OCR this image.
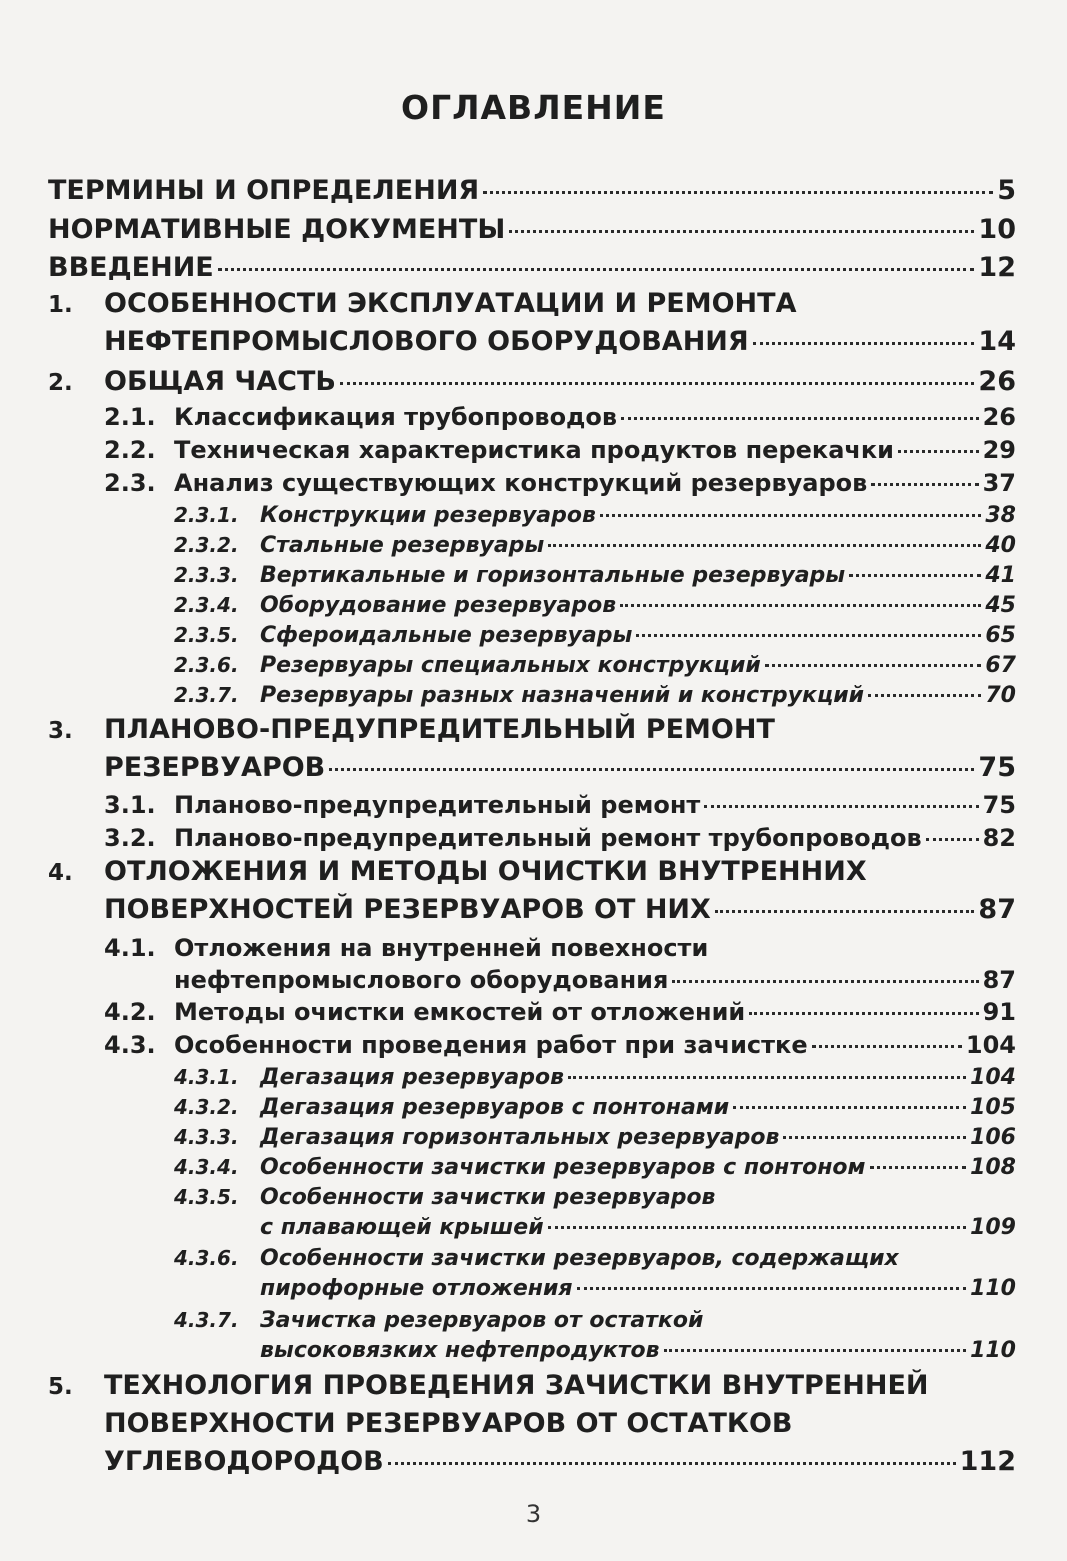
ОГЛАВЛЕНИЕ
ТЕРМИНЫ И ОПРЕДЕЛЕНИЯ	5
НОРМАТИВНЫЕ ДОКУМЕНТЫ	10
ВВЕДЕНИЕ	12
1.	ОСОБЕННОСТИ ЭКСПЛУАТАЦИИ И РЕМОНТА
НЕФТЕПРОМЫСЛОВОГО ОБОРУДОВАНИЯ	14
2.	ОБЩАЯ ЧАСТЬ	26
2.1. Классификация трубопроводов	26
2.2. Техническая характеристика продуктов перекачки	29
2.3. Анализ существующих конструкций резервуаров	37
2.3.1. Конструкции резервуаров	38
2.3.2. Стальные резервуары	40
2.3.3. Вертикальные и горизонтальные резервуары	41
2.3.4. Оборудование резервуаров	45
2.3.5. Сфероидальные резервуары	65
2.3.6. Резервуары специальных конструкций	67
2.3.7. Резервуары разных назначений и конструкций	70
3.	ПЛАНОВО-ПРЕДУПРЕДИТЕЛЬНЫЙ РЕМОНТ
РЕЗЕРВУАРОВ	75
3.1. Планово-предупредительный ремонт	75
3.2. Планово-предупредительный ремонт трубопроводов	82
4.	ОТЛОЖЕНИЯ И МЕТОДЫ ОЧИСТКИ ВНУТРЕННИХ
ПОВЕРХНОСТЕЙ РЕЗЕРВУАРОВ ОТ НИХ	87
4.1. Отложения на внутренней повехности
нефтепромыслового оборудования	87
4.2. Методы очистки емкостей от отложений	91
4.3. Особенности проведения работ при зачистке	104
4.3.1. Дегазация резервуаров	104
4.3.2. Дегазация резервуаров с понтонами	105
4.3.3. Дегазация горизонтальных резервуаров	106
4.3.4. Особенности зачистки резервуаров с понтоном	108
4.3.5. Особенности зачистки резервуаров
с плавающей крышей	109
4.3.6. Особенности зачистки резервуаров, содержащих
пирофорные отложения	110
4.3.7. Зачистка резервуаров от остаткой
высоковязких нефтепродуктов	110
5.	ТЕХНОЛОГИЯ ПРОВЕДЕНИЯ ЗАЧИСТКИ ВНУТРЕННЕЙ
ПОВЕРХНОСТИ РЕЗЕРВУАРОВ ОТ ОСТАТКОВ
УГЛЕВОДОРОДОВ	112
3
